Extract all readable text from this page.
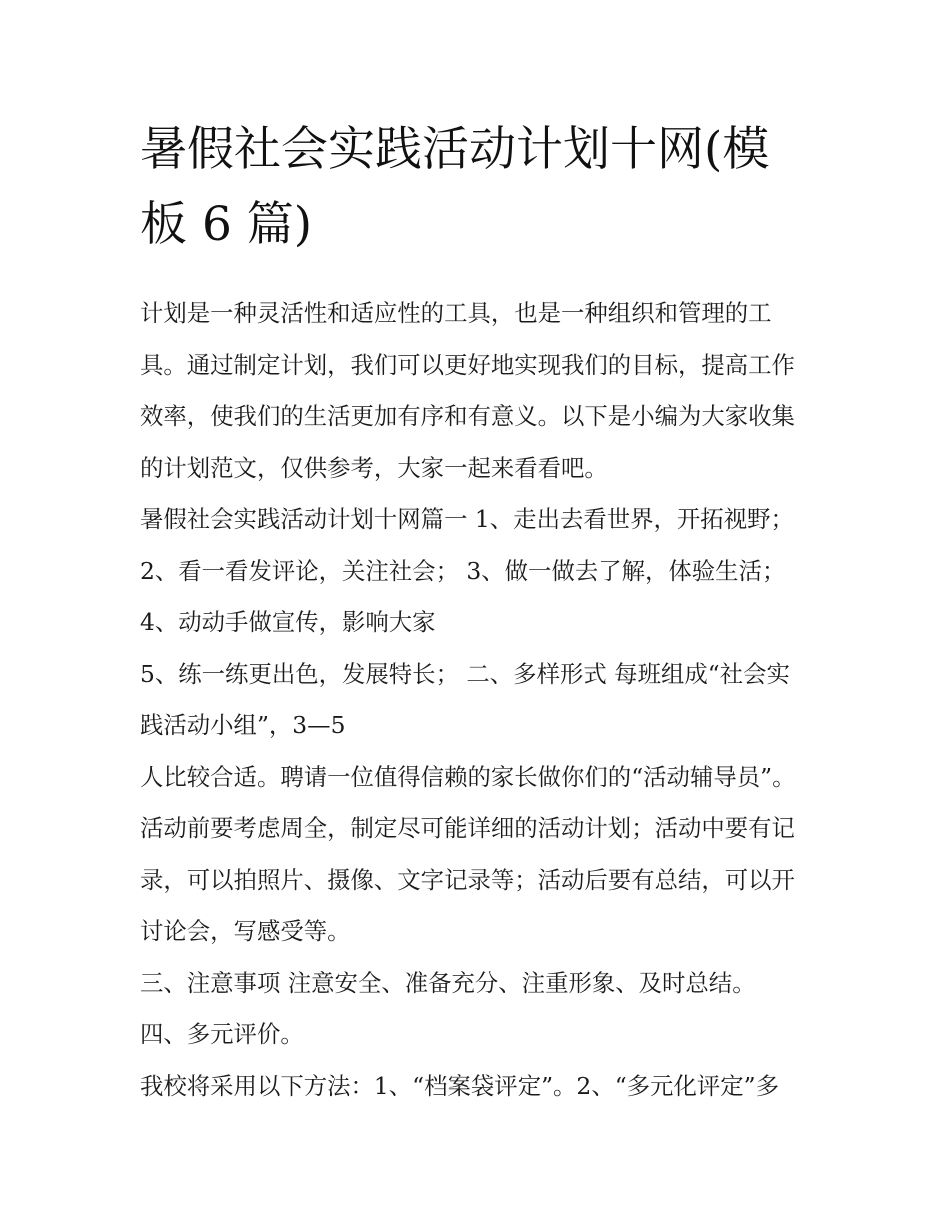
暑假社会实践活动计划十网(模板 6 篇)

计划是一种灵活性和适应性的工具，也是一种组织和管理的工具。通过制定计划，我们可以更好地实现我们的目标，提高工作效率，使我们的生活更加有序和有意义。以下是小编为大家收集的计划范文，仅供参考，大家一起来看看吧。

暑假社会实践活动计划十网篇一 1、走出去看世界，开拓视野； 2、看一看发评论，关注社会； 3、做一做去了解，体验生活； 4、动动手做宣传，影响大家

5、练一练更出色，发展特长； 二、多样形式 每班组成“社会实践活动小组”，3—5

人比较合适。聘请一位值得信赖的家长做你们的“活动辅导员”。活动前要考虑周全，制定尽可能详细的活动计划；活动中要有记录，可以拍照片、摄像、文字记录等；活动后要有总结，可以开讨论会，写感受等。

三、注意事项 注意安全、准备充分、注重形象、及时总结。

四、多元评价。

我校将采用以下方法：1、“档案袋评定”。2、“多元化评定”多
